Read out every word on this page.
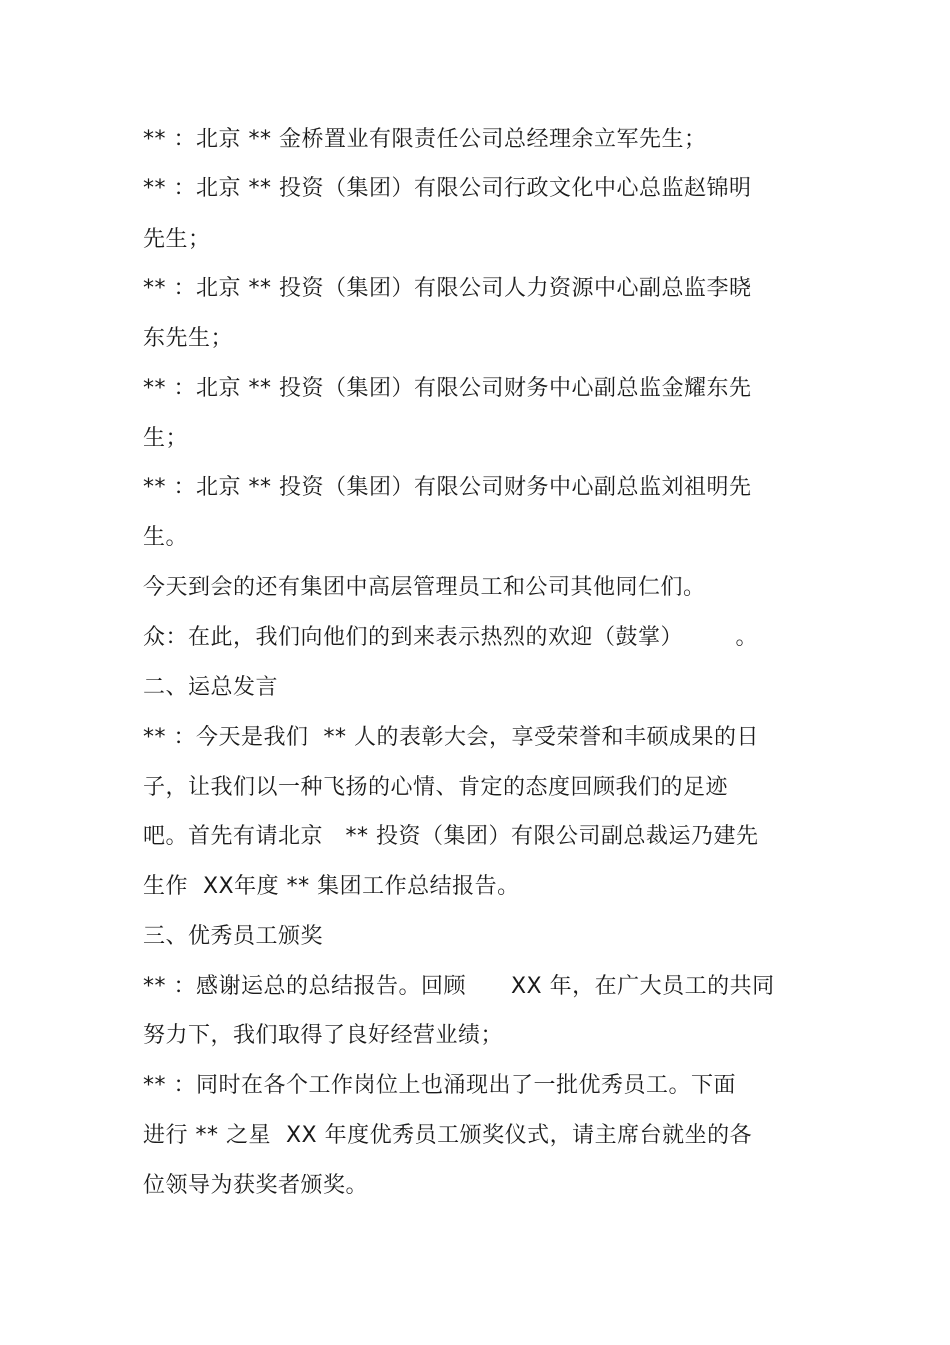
** ：北京 ** 金桥置业有限责任公司总经理余立军先生；
** ：北京 ** 投资（集团）有限公司行政文化中心总监赵锦明
先生；
** ：北京 ** 投资（集团）有限公司人力资源中心副总监李晓
东先生；
** ：北京 ** 投资（集团）有限公司财务中心副总监金耀东先
生；
** ：北京 ** 投资（集团）有限公司财务中心副总监刘祖明先
生。
今天到会的还有集团中高层管理员工和公司其他同仁们。
众：在此，我们向他们的到来表示热烈的欢迎（鼓掌）       。
二、运总发言
** ：今天是我们  ** 人的表彰大会，享受荣誉和丰硕成果的日
子，让我们以一种飞扬的心情、肯定的态度回顾我们的足迹
吧。首先有请北京   ** 投资（集团）有限公司副总裁运乃建先
生作  XX年度 ** 集团工作总结报告。
三、优秀员工颁奖
** ：感谢运总的总结报告。回顾      XX 年，在广大员工的共同
努力下，我们取得了良好经营业绩；
** ：同时在各个工作岗位上也涌现出了一批优秀员工。下面
进行 ** 之星  XX 年度优秀员工颁奖仪式，请主席台就坐的各
位领导为获奖者颁奖。
